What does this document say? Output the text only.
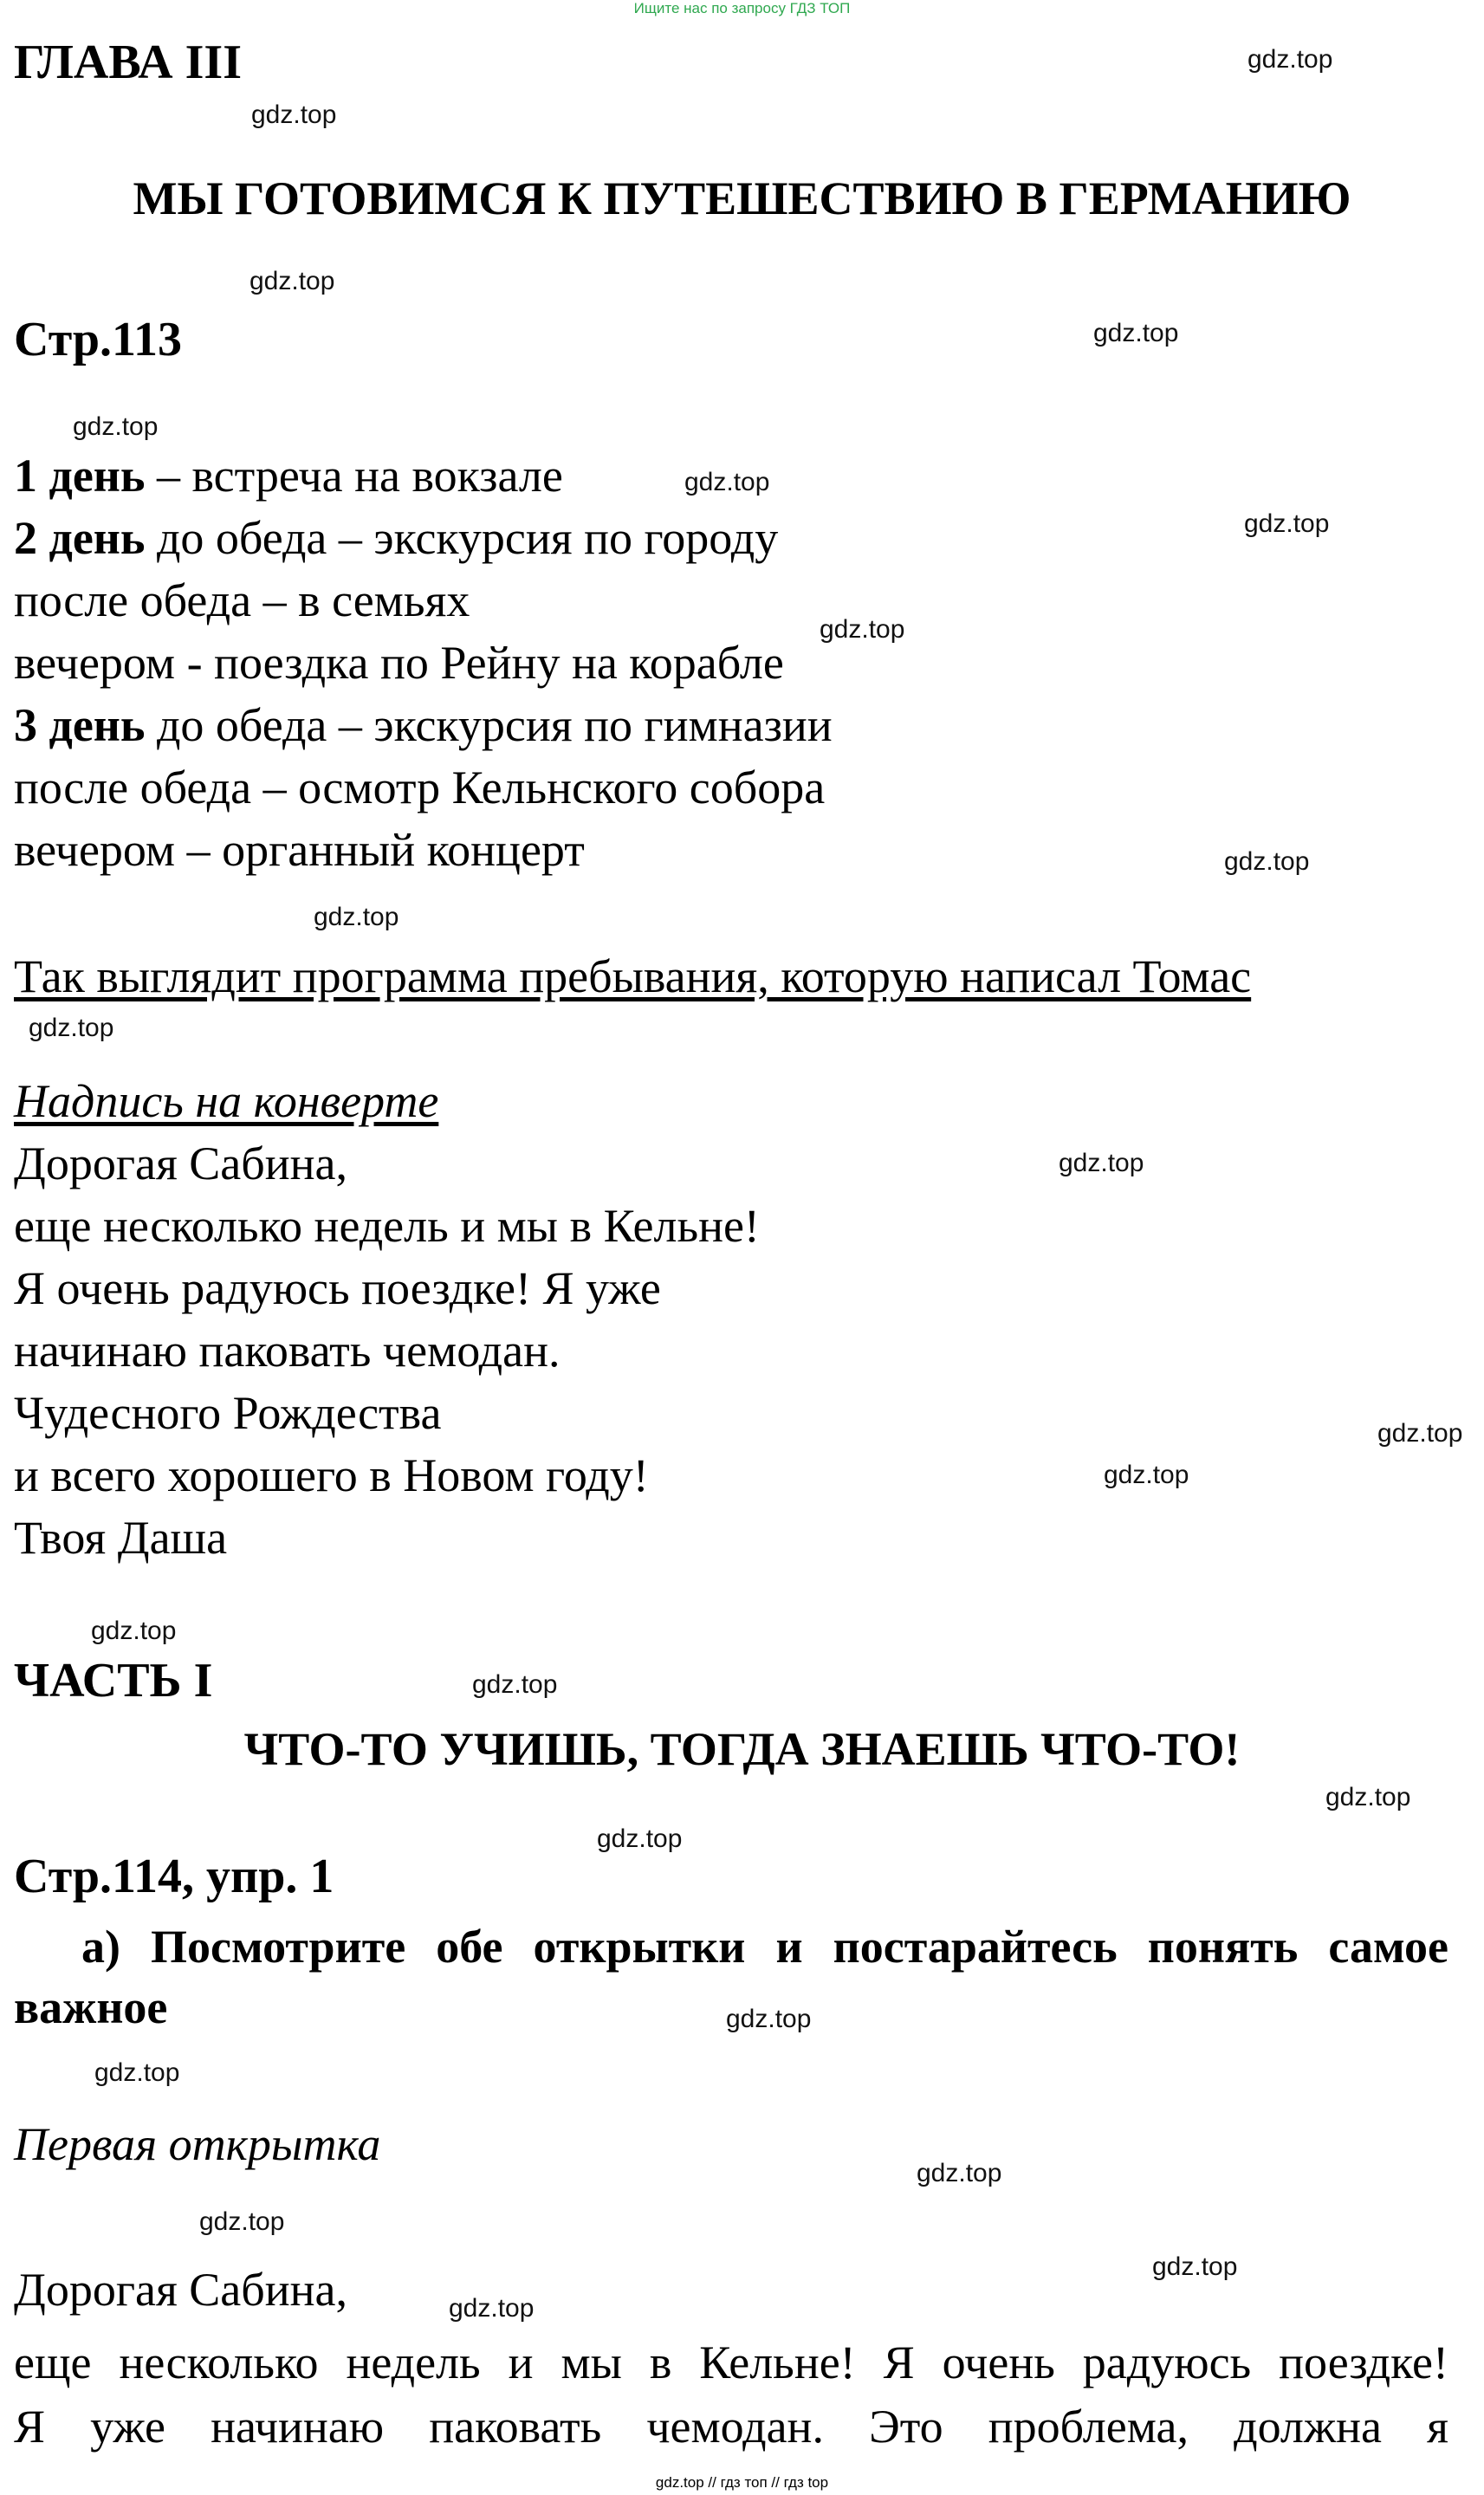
Ищите нас по запросу ГДЗ ТОП
gdz.top
gdz.top
gdz.top
gdz.top
gdz.top
gdz.top
gdz.top
gdz.top
gdz.top
gdz.top
gdz.top
gdz.top
gdz.top
gdz.top
gdz.top
gdz.top
gdz.top
gdz.top
gdz.top
gdz.top
gdz.top
gdz.top
gdz.top
gdz.top
ГЛАВА III
МЫ ГОТОВИМСЯ К ПУТЕШЕСТВИЮ В ГЕРМАНИЮ
Стр.113
1 день – встреча на вокзале
2 день до обеда – экскурсия по городу
после обеда – в семьях
вечером - поездка по Рейну на корабле
3 день до обеда – экскурсия по гимназии
после обеда – осмотр Кельнского собора
вечером – органный концерт
Так выглядит программа пребывания, которую написал Томас
Надпись на конверте
Дорогая Сабина,
еще несколько недель и мы в Кельне!
Я очень радуюсь поездке! Я уже
начинаю паковать чемодан.
Чудесного Рождества
и всего хорошего в Новом году!
Твоя Даша
ЧАСТЬ I
ЧТО-ТО УЧИШЬ, ТОГДА ЗНАЕШЬ ЧТО-ТО!
Стр.114, упр. 1
а) Посмотрите обе открытки и постарайтесь понять самое
важное
Первая открытка
Дорогая Сабина,
еще несколько недель и мы в Кельне! Я очень радуюсь поездке!
Я уже начинаю паковать чемодан. Это проблема, должна я
gdz.top // гдз топ // гдз top
